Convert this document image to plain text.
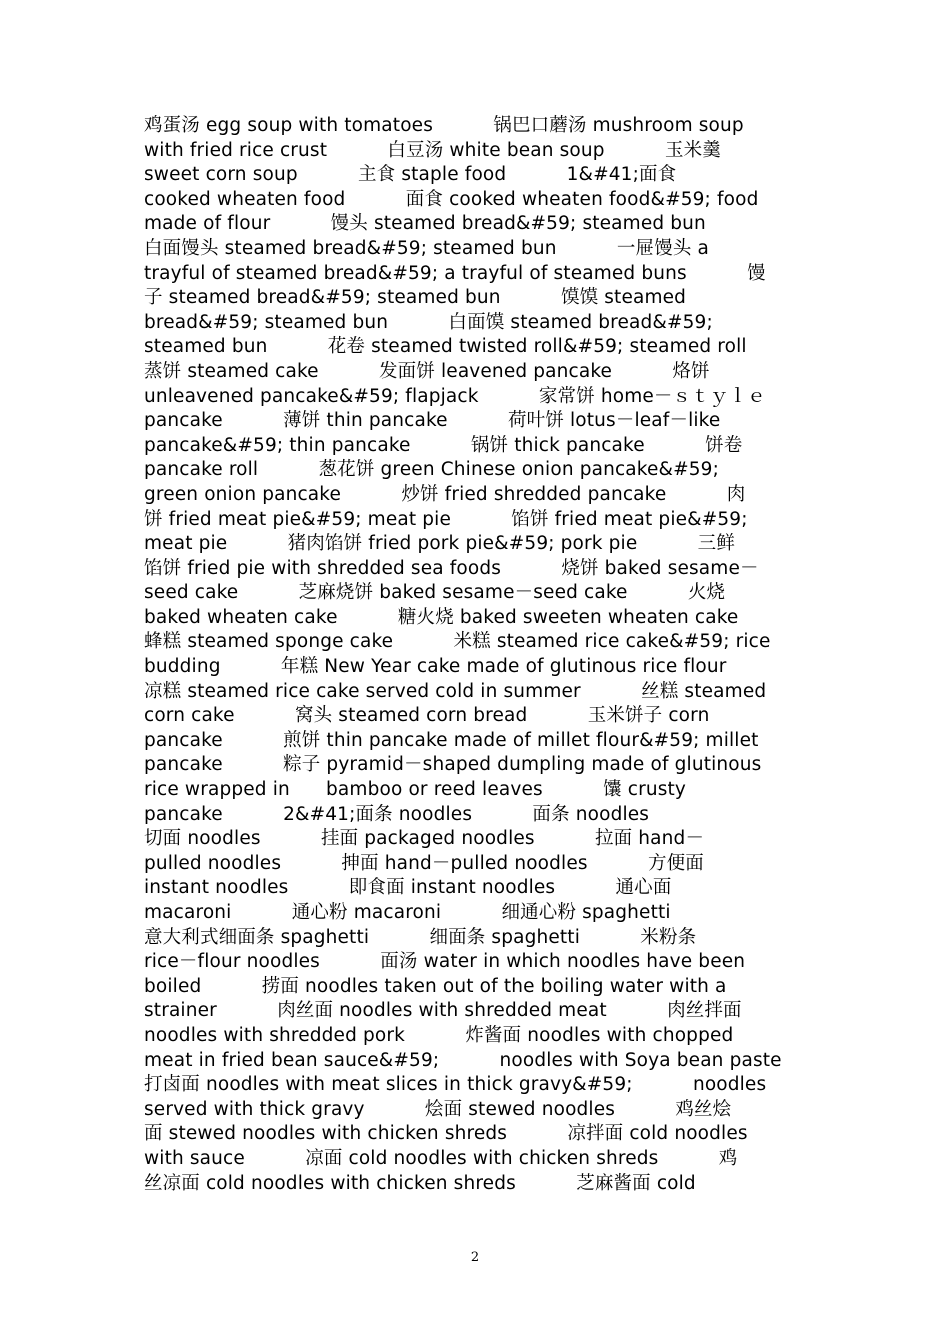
鸡蛋汤 egg soup with tomatoes          锅巴口蘑汤 mushroom soup
with fried rice crust          白豆汤 white bean soup          玉米羹
sweet corn soup          主食 staple food          1&#41;面食
cooked wheaten food          面食 cooked wheaten food&#59; food
made of flour          馒头 steamed bread&#59; steamed bun
白面馒头 steamed bread&#59; steamed bun          一屉馒头 a
trayful of steamed bread&#59; a trayful of steamed buns          馒
子 steamed bread&#59; steamed bun          馍馍 steamed
bread&#59; steamed bun          白面馍 steamed bread&#59;
steamed bun          花卷 steamed twisted roll&#59; steamed roll
蒸饼 steamed cake          发面饼 leavened pancake          烙饼
unleavened pancake&#59; flapjack          家常饼 home－ｓｔｙｌｅ
pancake          薄饼 thin pancake          荷叶饼 lotus－leaf－like
pancake&#59; thin pancake          锅饼 thick pancake          饼卷
pancake roll          葱花饼 green Chinese onion pancake&#59;
green onion pancake          炒饼 fried shredded pancake          肉
饼 fried meat pie&#59; meat pie          馅饼 fried meat pie&#59;
meat pie          猪肉馅饼 fried pork pie&#59; pork pie          三鲜
馅饼 fried pie with shredded sea foods          烧饼 baked sesame－
seed cake          芝麻烧饼 baked sesame－seed cake          火烧
baked wheaten cake          糖火烧 baked sweeten wheaten cake
蜂糕 steamed sponge cake          米糕 steamed rice cake&#59; rice
budding          年糕 New Year cake made of glutinous rice flour
凉糕 steamed rice cake served cold in summer          丝糕 steamed
corn cake          窝头 steamed corn bread          玉米饼子 corn
pancake          煎饼 thin pancake made of millet flour&#59; millet
pancake          粽子 pyramid－shaped dumpling made of glutinous
rice wrapped in      bamboo or reed leaves          馕 crusty
pancake          2&#41;面条 noodles          面条 noodles
切面 noodles          挂面 packaged noodles          拉面 hand－
pulled noodles          抻面 hand－pulled noodles          方便面
instant noodles          即食面 instant noodles          通心面
macaroni          通心粉 macaroni          细通心粉 spaghetti
意大利式细面条 spaghetti          细面条 spaghetti          米粉条
rice－flour noodles          面汤 water in which noodles have been
boiled          捞面 noodles taken out of the boiling water with a
strainer          肉丝面 noodles with shredded meat          肉丝拌面
noodles with shredded pork          炸酱面 noodles with chopped
meat in fried bean sauce&#59;          noodles with Soya bean paste
打卤面 noodles with meat slices in thick gravy&#59;          noodles
served with thick gravy          烩面 stewed noodles          鸡丝烩
面 stewed noodles with chicken shreds          凉拌面 cold noodles
with sauce          凉面 cold noodles with chicken shreds          鸡
丝凉面 cold noodles with chicken shreds          芝麻酱面 cold
2
